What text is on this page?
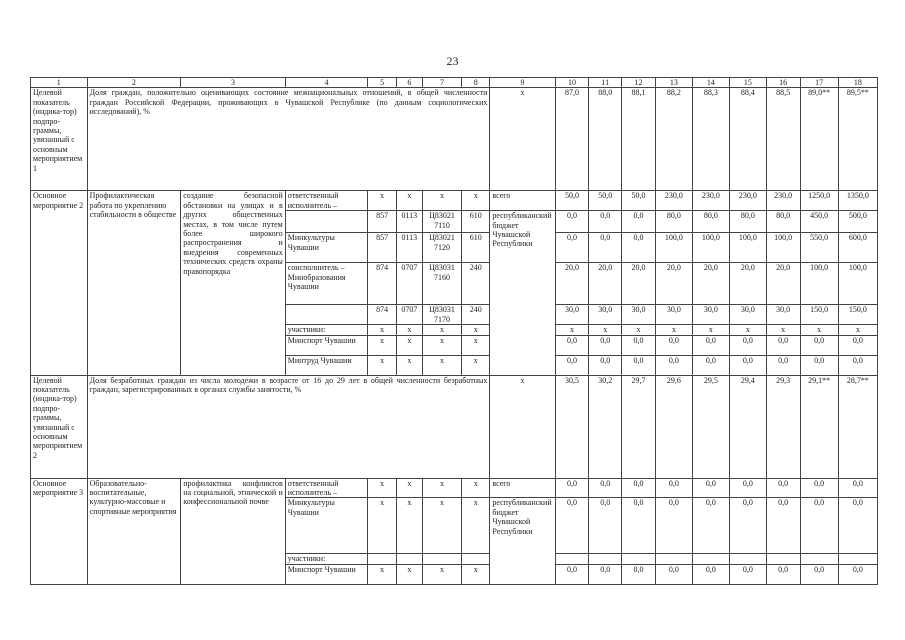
23
1	2	3	4	5	6	7	8	9	10	11	12	13	14	15	16	17	18
Целевой показатель (индика-тор) подпро-граммы, увязанный с основным мероприятием 1	Доля граждан, положительно оценивающих состояние межнациональных отношений, в общей численности граждан Российской Федерации, проживающих в Чувашской Республике (по данным социологических исследований), %							x	87,0	88,0	88,1	88,2	88,3	88,4	88,5	89,0**	89,5**
Основное мероприятие 2	Профилактическая работа по укреплению стабильности в обществе	создание безопасной обстановки на улицах и в других общественных местах, в том числе путем более широкого распространения и внедрения современных технических средств охраны правопорядка	ответственный исполнитель –	x	x	x	x	всего	50,0	50,0	50,0	230,0	230,0	230,0	230,0	1250,0	1350,0
				857	0113	Ц83021 7110	610	республиканский бюджет Чувашской Республики	0,0	0,0	0,0	80,0	80,0	80,0	80,0	450,0	500,0
			Минкультуры Чувашии	857	0113	Ц83021 7120	610		0,0	0,0	0,0	100,0	100,0	100,0	100,0	550,0	600,0
			соисполнитель – Минобразования Чувашии	874	0707	Ц83031 7160	240		20,0	20,0	20,0	20,0	20,0	20,0	20,0	100,0	100,0
				874	0707	Ц83031 7170	240		30,0	30,0	30,0	30,0	30,0	30,0	30,0	150,0	150,0
			участники:	x	x	x	x		x	x	x	x	x	x	x	x	x
			Минспорт Чувашии	x	x	x	x		0,0	0,0	0,0	0,0	0,0	0,0	0,0	0,0	0,0
			Минтруд Чувашии	x	x	x	x		0,0	0,0	0,0	0,0	0,0	0,0	0,0	0,0	0,0
Целевой показатель (индика-тор) подпро-граммы, увязанный с основным мероприятием 2	Доля безработных граждан из числа молодежи в возрасте от 16 до 29 лет в общей численности безработных граждан, зарегистрированных в органах службы занятости, %							x	30,5	30,2	29,7	29,6	29,5	29,4	29,3	29,1**	28,7**
Основное мероприятие 3	Образовательно-воспитательные, культурно-массовые и спортивные мероприятия	профилактика конфликтов на социальной, этнической и конфессиональной почве	ответственный исполнитель –	x	x	x	x	всего	0,0	0,0	0,0	0,0	0,0	0,0	0,0	0,0	0,0
			Минкультуры Чувашии	x	x	x	x	республиканский бюджет Чувашской Республики	0,0	0,0	0,0	0,0	0,0	0,0	0,0	0,0	0,0
			участники:														
			Минспорт Чувашии	x	x	x	x		0,0	0,0	0,0	0,0	0,0	0,0	0,0	0,0	0,0
